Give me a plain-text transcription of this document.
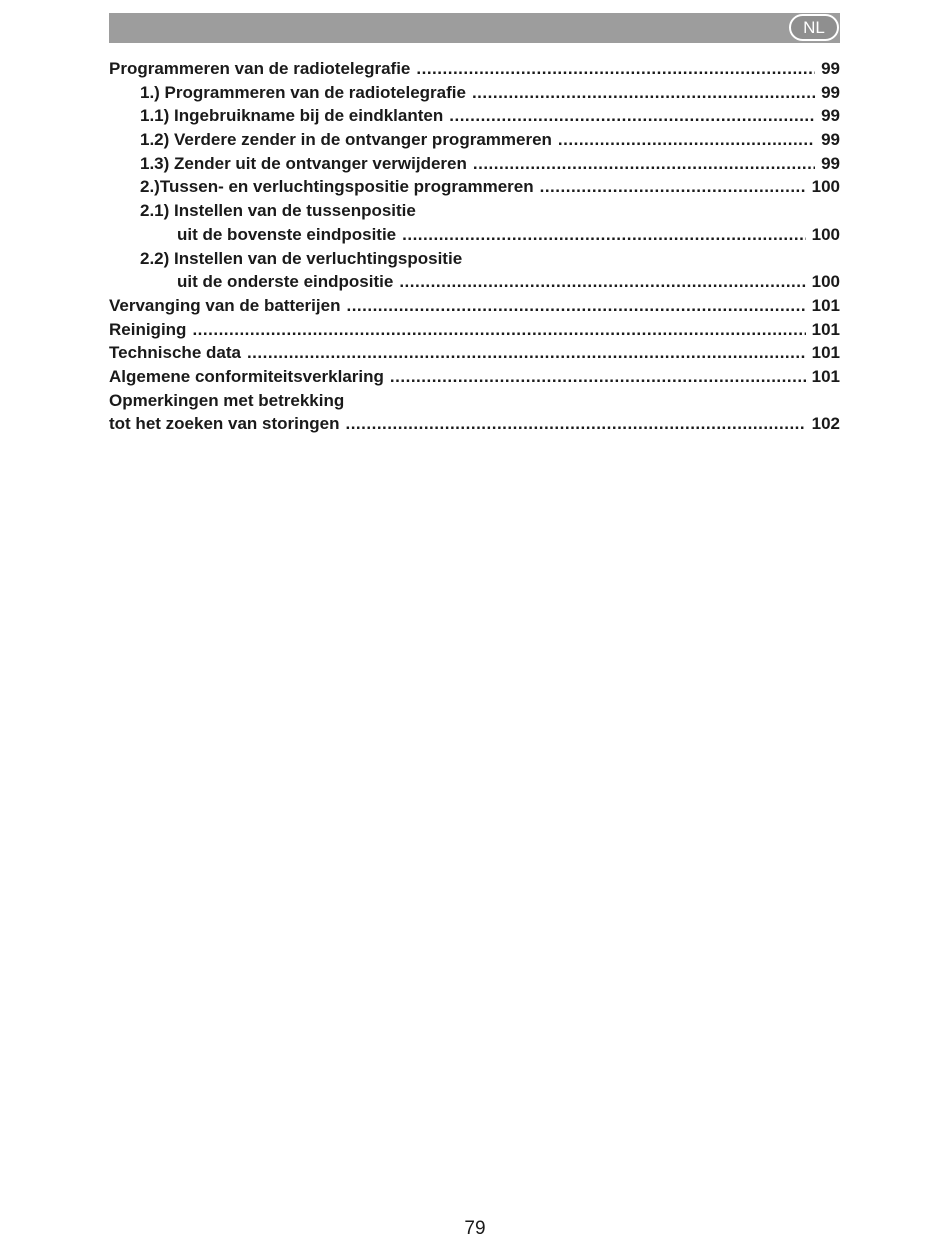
NL
Programmeren van de radiotelegrafie .....	99
1.) Programmeren van de radiotelegrafie .....	99
1.1) Ingebruikname bij de eindklanten .....	99
1.2) Verdere zender in de ontvanger programmeren .....	99
1.3) Zender uit de ontvanger verwijderen .....	99
2.)Tussen- en verluchtingspositie programmeren .....	100
2.1) Instellen van de tussenpositie
uit de bovenste eindpositie .....	100
2.2) Instellen van de verluchtingspositie
uit de onderste eindpositie .....	100
Vervanging van de batterijen .....	101
Reiniging .....	101
Technische data .....	101
Algemene conformiteitsverklaring .....	101
Opmerkingen met betrekking
tot het zoeken van storingen .....	102
79
